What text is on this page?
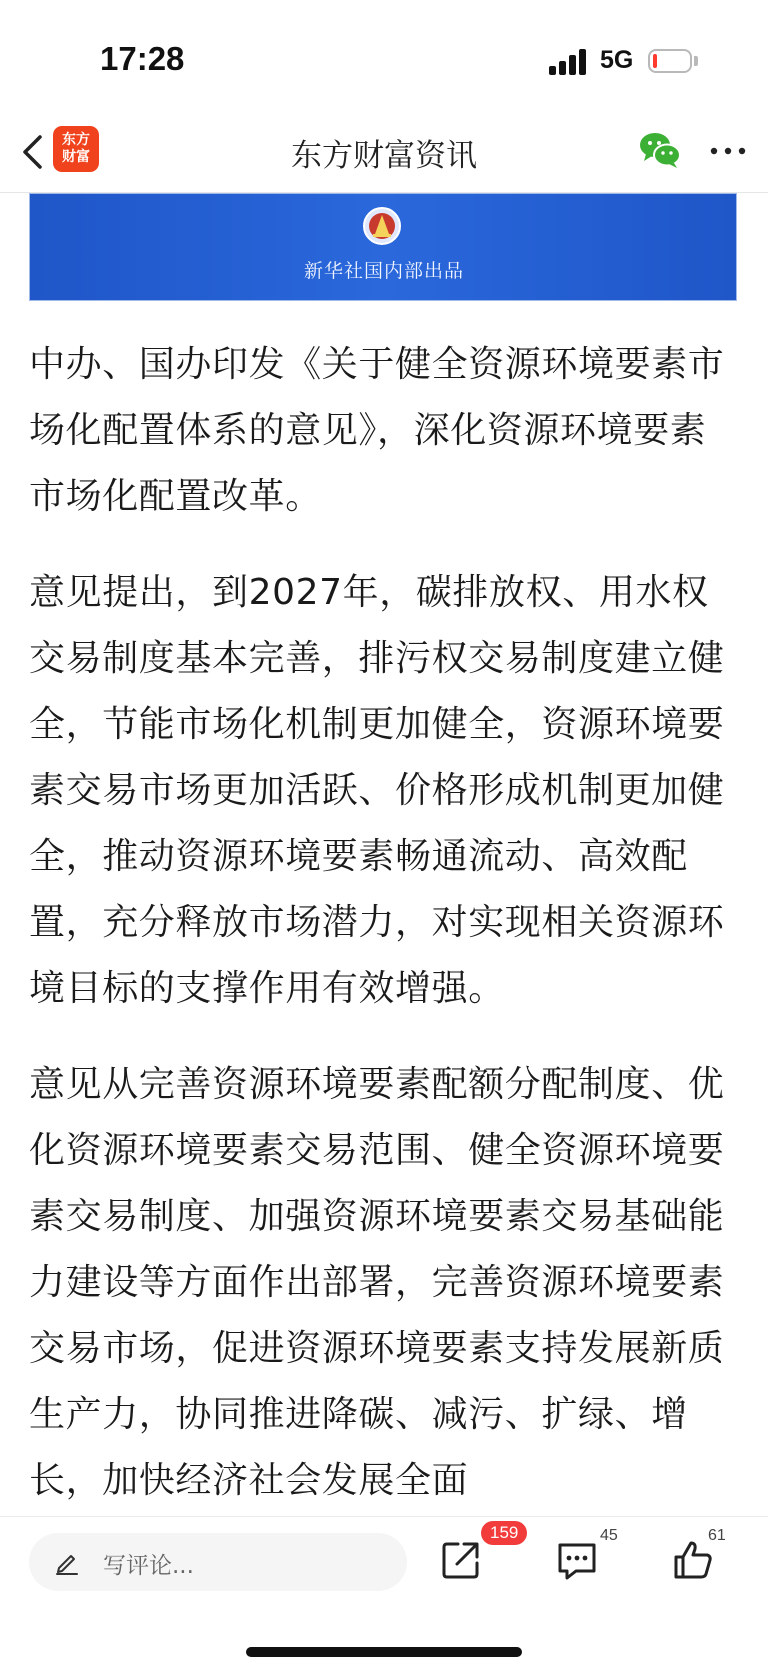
17:28	5G
东方
财富	东方财富资讯
新华社国内部出品

中办、国办印发《关于健全资源环境要素市场化配置体系的意见》，深化资源环境要素市场化配置改革。

意见提出，到2027年，碳排放权、用水权交易制度基本完善，排污权交易制度建立健全，节能市场化机制更加健全，资源环境要素交易市场更加活跃、价格形成机制更加健全，推动资源环境要素畅通流动、高效配置，充分释放市场潜力，对实现相关资源环境目标的支撑作用有效增强。

意见从完善资源环境要素配额分配制度、优化资源环境要素交易范围、健全资源环境要素交易制度、加强资源环境要素交易基础能力建设等方面作出部署，完善资源环境要素交易市场，促进资源环境要素支持发展新质生产力，协同推进降碳、减污、扩绿、增长，加快经济社会发展全面

写评论...
159	45	61
